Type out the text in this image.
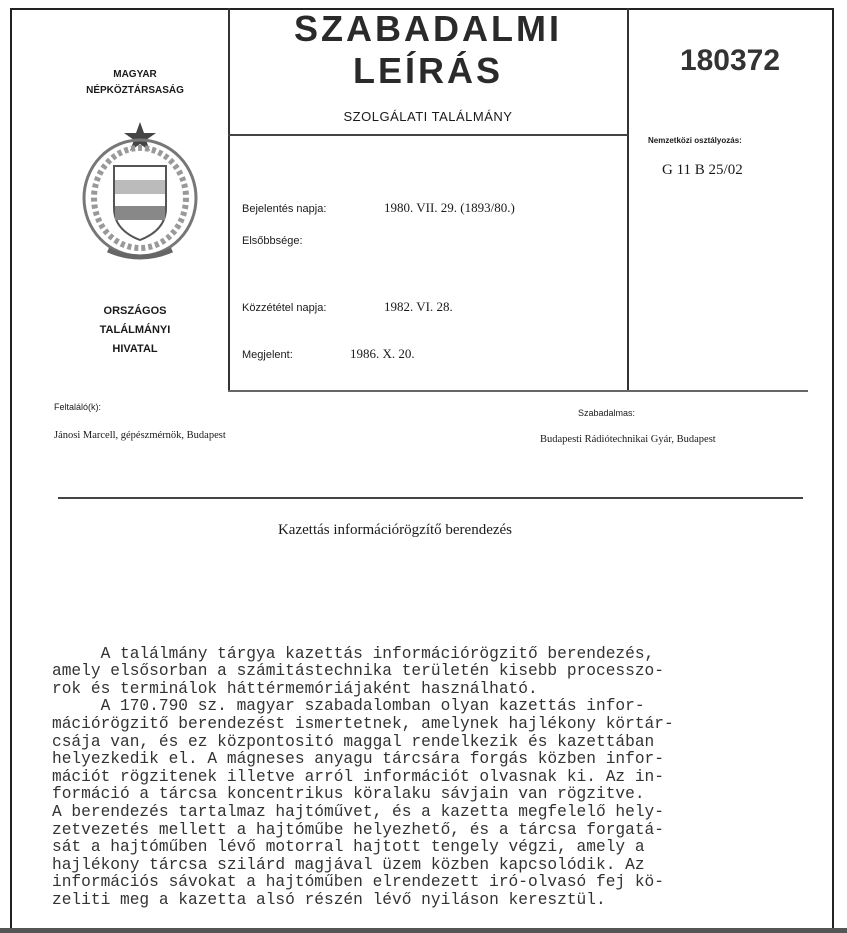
MAGYAR
NÉPKÖZTÁRSASÁG
ORSZÁGOS
TALÁLMÁNYI
HIVATAL
SZABADALMI
LEÍRÁS
SZOLGÁLATI TALÁLMÁNY
180372
Nemzetközi osztályozás:
G 11 B 25/02
Bejelentés napja:	1980. VII. 29. (1893/80.)
Elsőbbsége:
Közzététel napja:	1982. VI. 28.
Megjelent:	1986. X. 20.
Feltaláló(k):
Jánosi Marcell, gépészmérnök, Budapest
Szabadalmas:
Budapesti Rádiótechnikai Gyár, Budapest
Kazettás információrögzítő berendezés

A találmány tárgya kazettás információrögzitő berendezés,
amely elsősorban a számitástechnika területén kisebb processzo-
rok és terminálok háttérmemóriájaként használható.
A 170.790 sz. magyar szabadalomban olyan kazettás infor-
mációrögzitő berendezést ismertetnek, amelynek hajlékony körtár-
csája van, és ez központositó maggal rendelkezik és kazettában
helyezkedik el. A mágneses anyagu tárcsára forgás közben infor-
mációt rögzitenek illetve arról információt olvasnak ki. Az in-
formáció a tárcsa koncentrikus köralaku sávjain van rögzitve.
A berendezés tartalmaz hajtóművet, és a kazetta megfelelő hely-
zetvezetés mellett a hajtóműbe helyezhető, és a tárcsa forgatá-
sát a hajtóműben lévő motorral hajtott tengely végzi, amely a
hajlékony tárcsa szilárd magjával üzem közben kapcsolódik. Az
információs sávokat a hajtóműben elrendezett iró-olvasó fej kö-
zeliti meg a kazetta alsó részén lévő nyiláson keresztül.
